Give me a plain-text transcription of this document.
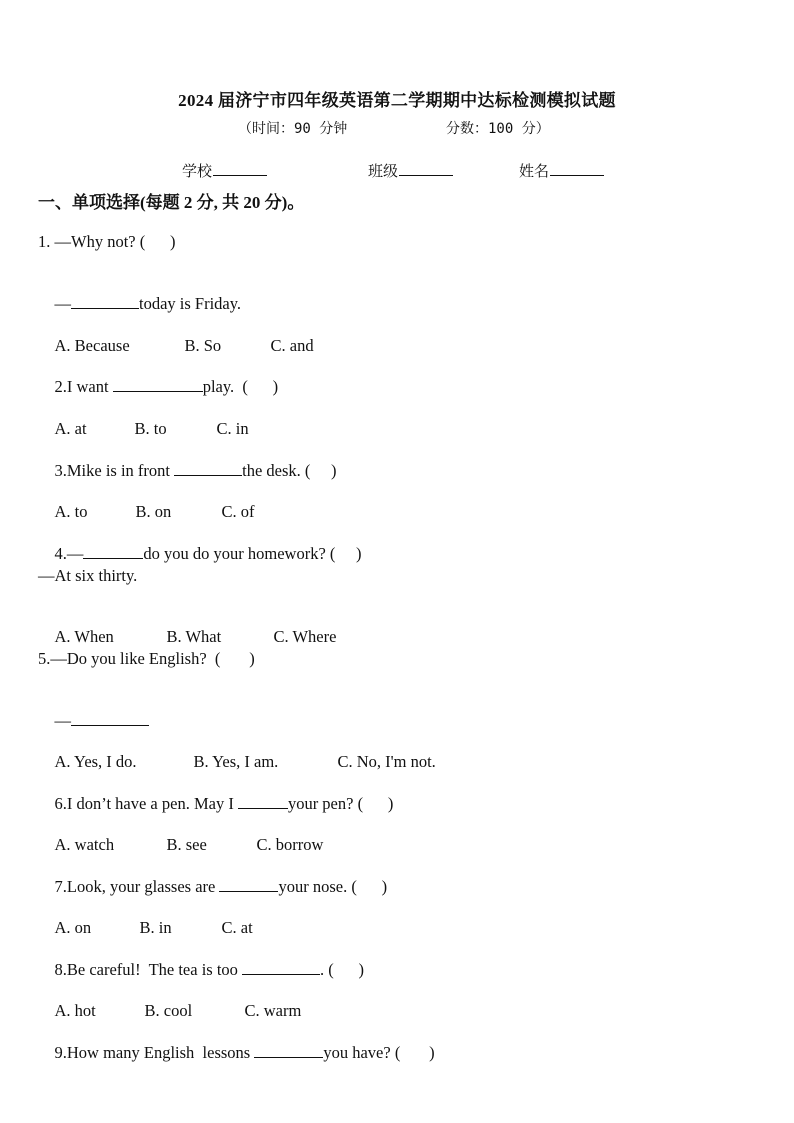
2024 届济宁市四年级英语第二学期期中达标检测模拟试题
（时间：90 分钟	分数：100 分）
学校	班级	姓名
一、单项选择(每题 2 分, 共 20 分)。
1. —Why not? (      )

—	today is Friday.

A. Because	B. So	C. and

2.I want	play.  (      )

A. at	B. to	C. in

3.Mike is in front	the desk. (     )

A. to	B. on	C. of

4.—	do you do your homework? (     )

—At six thirty.

A. When	B. What	C. Where

5.—Do you like English?  (       )

—

A. Yes, I do.	B. Yes, I am.	C. No, I'm not.

6.I don’t have a pen. May I	your pen? (      )

A. watch	B. see	C. borrow

7.Look, your glasses are	your nose. (      )

A. on	B. in	C. at

8.Be careful!  The tea is too	. (      )

A. hot	B. cool	C. warm

9.How many English  lessons	you have? (       )
